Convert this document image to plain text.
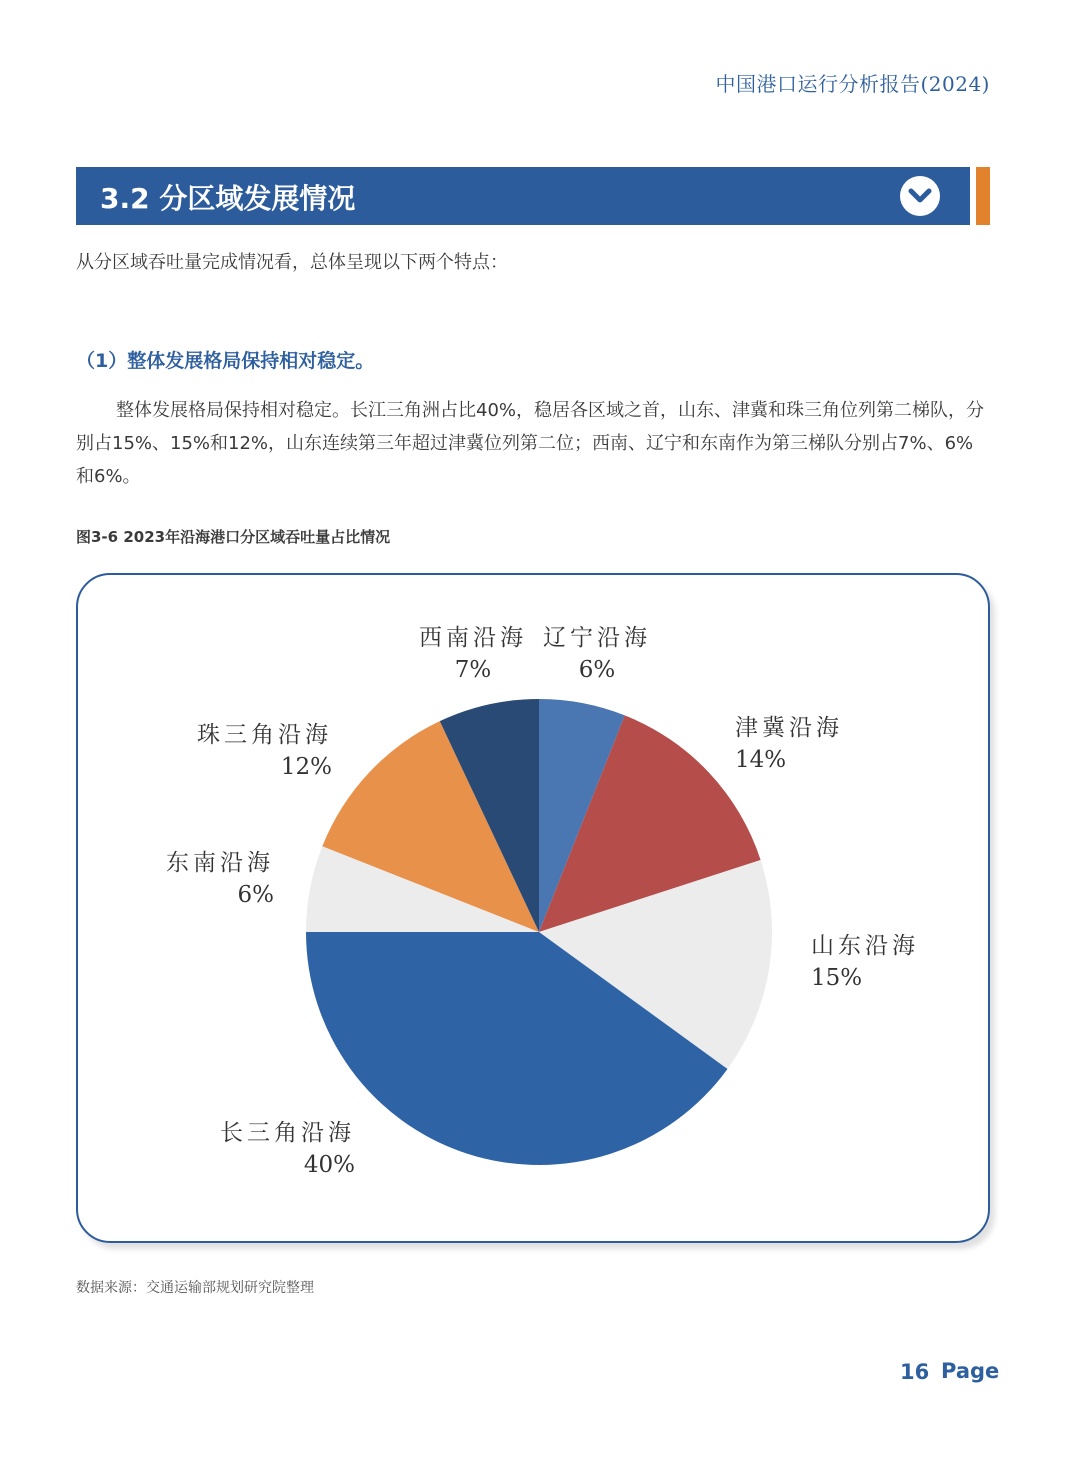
中国港口运行分析报告(2024)
3.2 分区域发展情况
从分区域吞吐量完成情况看，总体呈现以下两个特点：
（1）整体发展格局保持相对稳定。

整体发展格局保持相对稳定。长江三角洲占比40%，稳居各区域之首，山东、津冀和珠三角位列第二梯队，分别占15%、15%和12%，山东连续第三年超过津冀位列第二位；西南、辽宁和东南作为第三梯队分别占7%、6%和6%。

图3-6 2023年沿海港口分区域吞吐量占比情况
辽宁沿海
6%
津冀沿海
14%
山东沿海
15%
长三角沿海
40%
东南沿海
6%
珠三角沿海
12%
西南沿海
7%
数据来源：交通运输部规划研究院整理
16 Page
